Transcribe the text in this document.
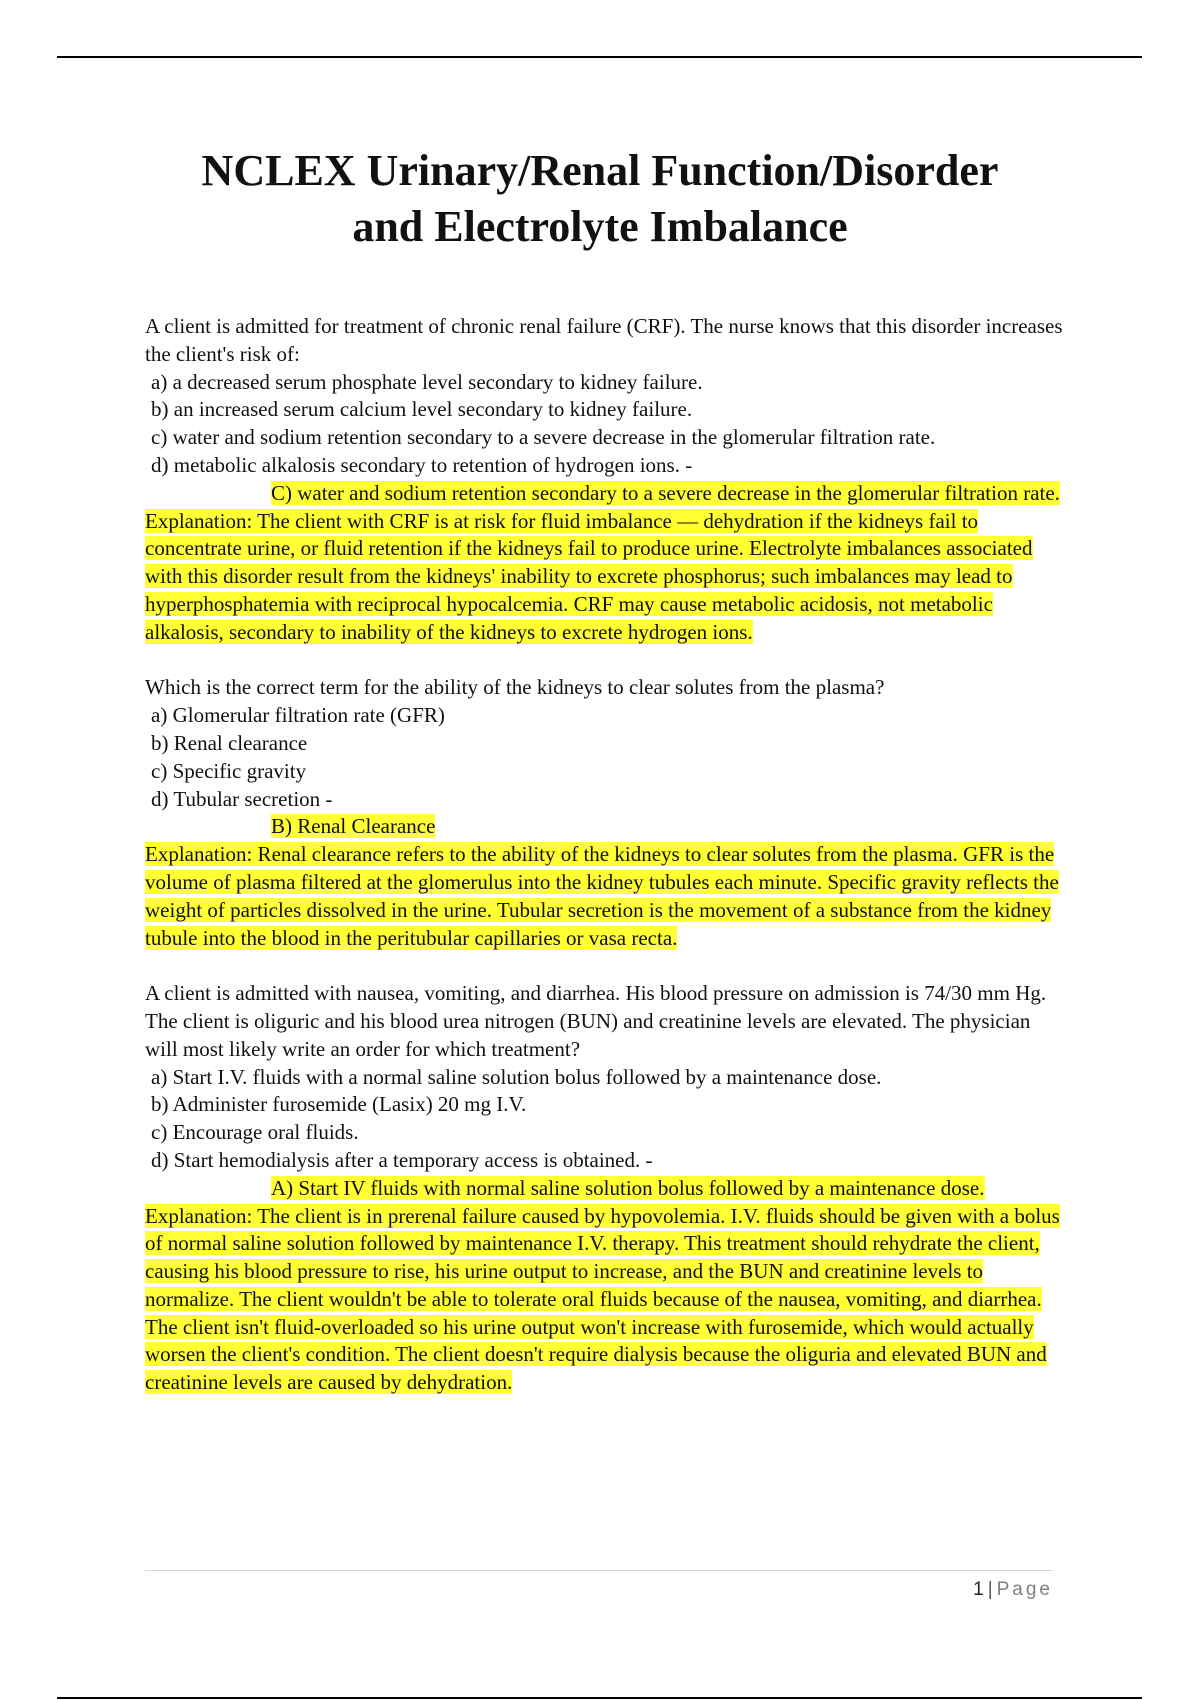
NCLEX Urinary/Renal Function/Disorder
and Electrolyte Imbalance
A client is admitted for treatment of chronic renal failure (CRF). The nurse knows that this disorder increases the client's risk of:
a) a decreased serum phosphate level secondary to kidney failure.
b) an increased serum calcium level secondary to kidney failure.
c) water and sodium retention secondary to a severe decrease in the glomerular filtration rate.
d) metabolic alkalosis secondary to retention of hydrogen ions. -
C) water and sodium retention secondary to a severe decrease in the glomerular filtration rate.
Explanation: The client with CRF is at risk for fluid imbalance — dehydration if the kidneys fail to concentrate urine, or fluid retention if the kidneys fail to produce urine. Electrolyte imbalances associated with this disorder result from the kidneys' inability to excrete phosphorus; such imbalances may lead to hyperphosphatemia with reciprocal hypocalcemia. CRF may cause metabolic acidosis, not metabolic alkalosis, secondary to inability of the kidneys to excrete hydrogen ions.
Which is the correct term for the ability of the kidneys to clear solutes from the plasma?
a) Glomerular filtration rate (GFR)
b) Renal clearance
c) Specific gravity
d) Tubular secretion -
B) Renal Clearance
Explanation: Renal clearance refers to the ability of the kidneys to clear solutes from the plasma. GFR is the volume of plasma filtered at the glomerulus into the kidney tubules each minute. Specific gravity reflects the weight of particles dissolved in the urine. Tubular secretion is the movement of a substance from the kidney tubule into the blood in the peritubular capillaries or vasa recta.
A client is admitted with nausea, vomiting, and diarrhea. His blood pressure on admission is 74/30 mm Hg. The client is oliguric and his blood urea nitrogen (BUN) and creatinine levels are elevated. The physician will most likely write an order for which treatment?
a) Start I.V. fluids with a normal saline solution bolus followed by a maintenance dose.
b) Administer furosemide (Lasix) 20 mg I.V.
c) Encourage oral fluids.
d) Start hemodialysis after a temporary access is obtained. -
A) Start IV fluids with normal saline solution bolus followed by a maintenance dose.
Explanation: The client is in prerenal failure caused by hypovolemia. I.V. fluids should be given with a bolus of normal saline solution followed by maintenance I.V. therapy. This treatment should rehydrate the client, causing his blood pressure to rise, his urine output to increase, and the BUN and creatinine levels to normalize. The client wouldn't be able to tolerate oral fluids because of the nausea, vomiting, and diarrhea. The client isn't fluid-overloaded so his urine output won't increase with furosemide, which would actually worsen the client's condition. The client doesn't require dialysis because the oliguria and elevated BUN and creatinine levels are caused by dehydration.
1 | Page
